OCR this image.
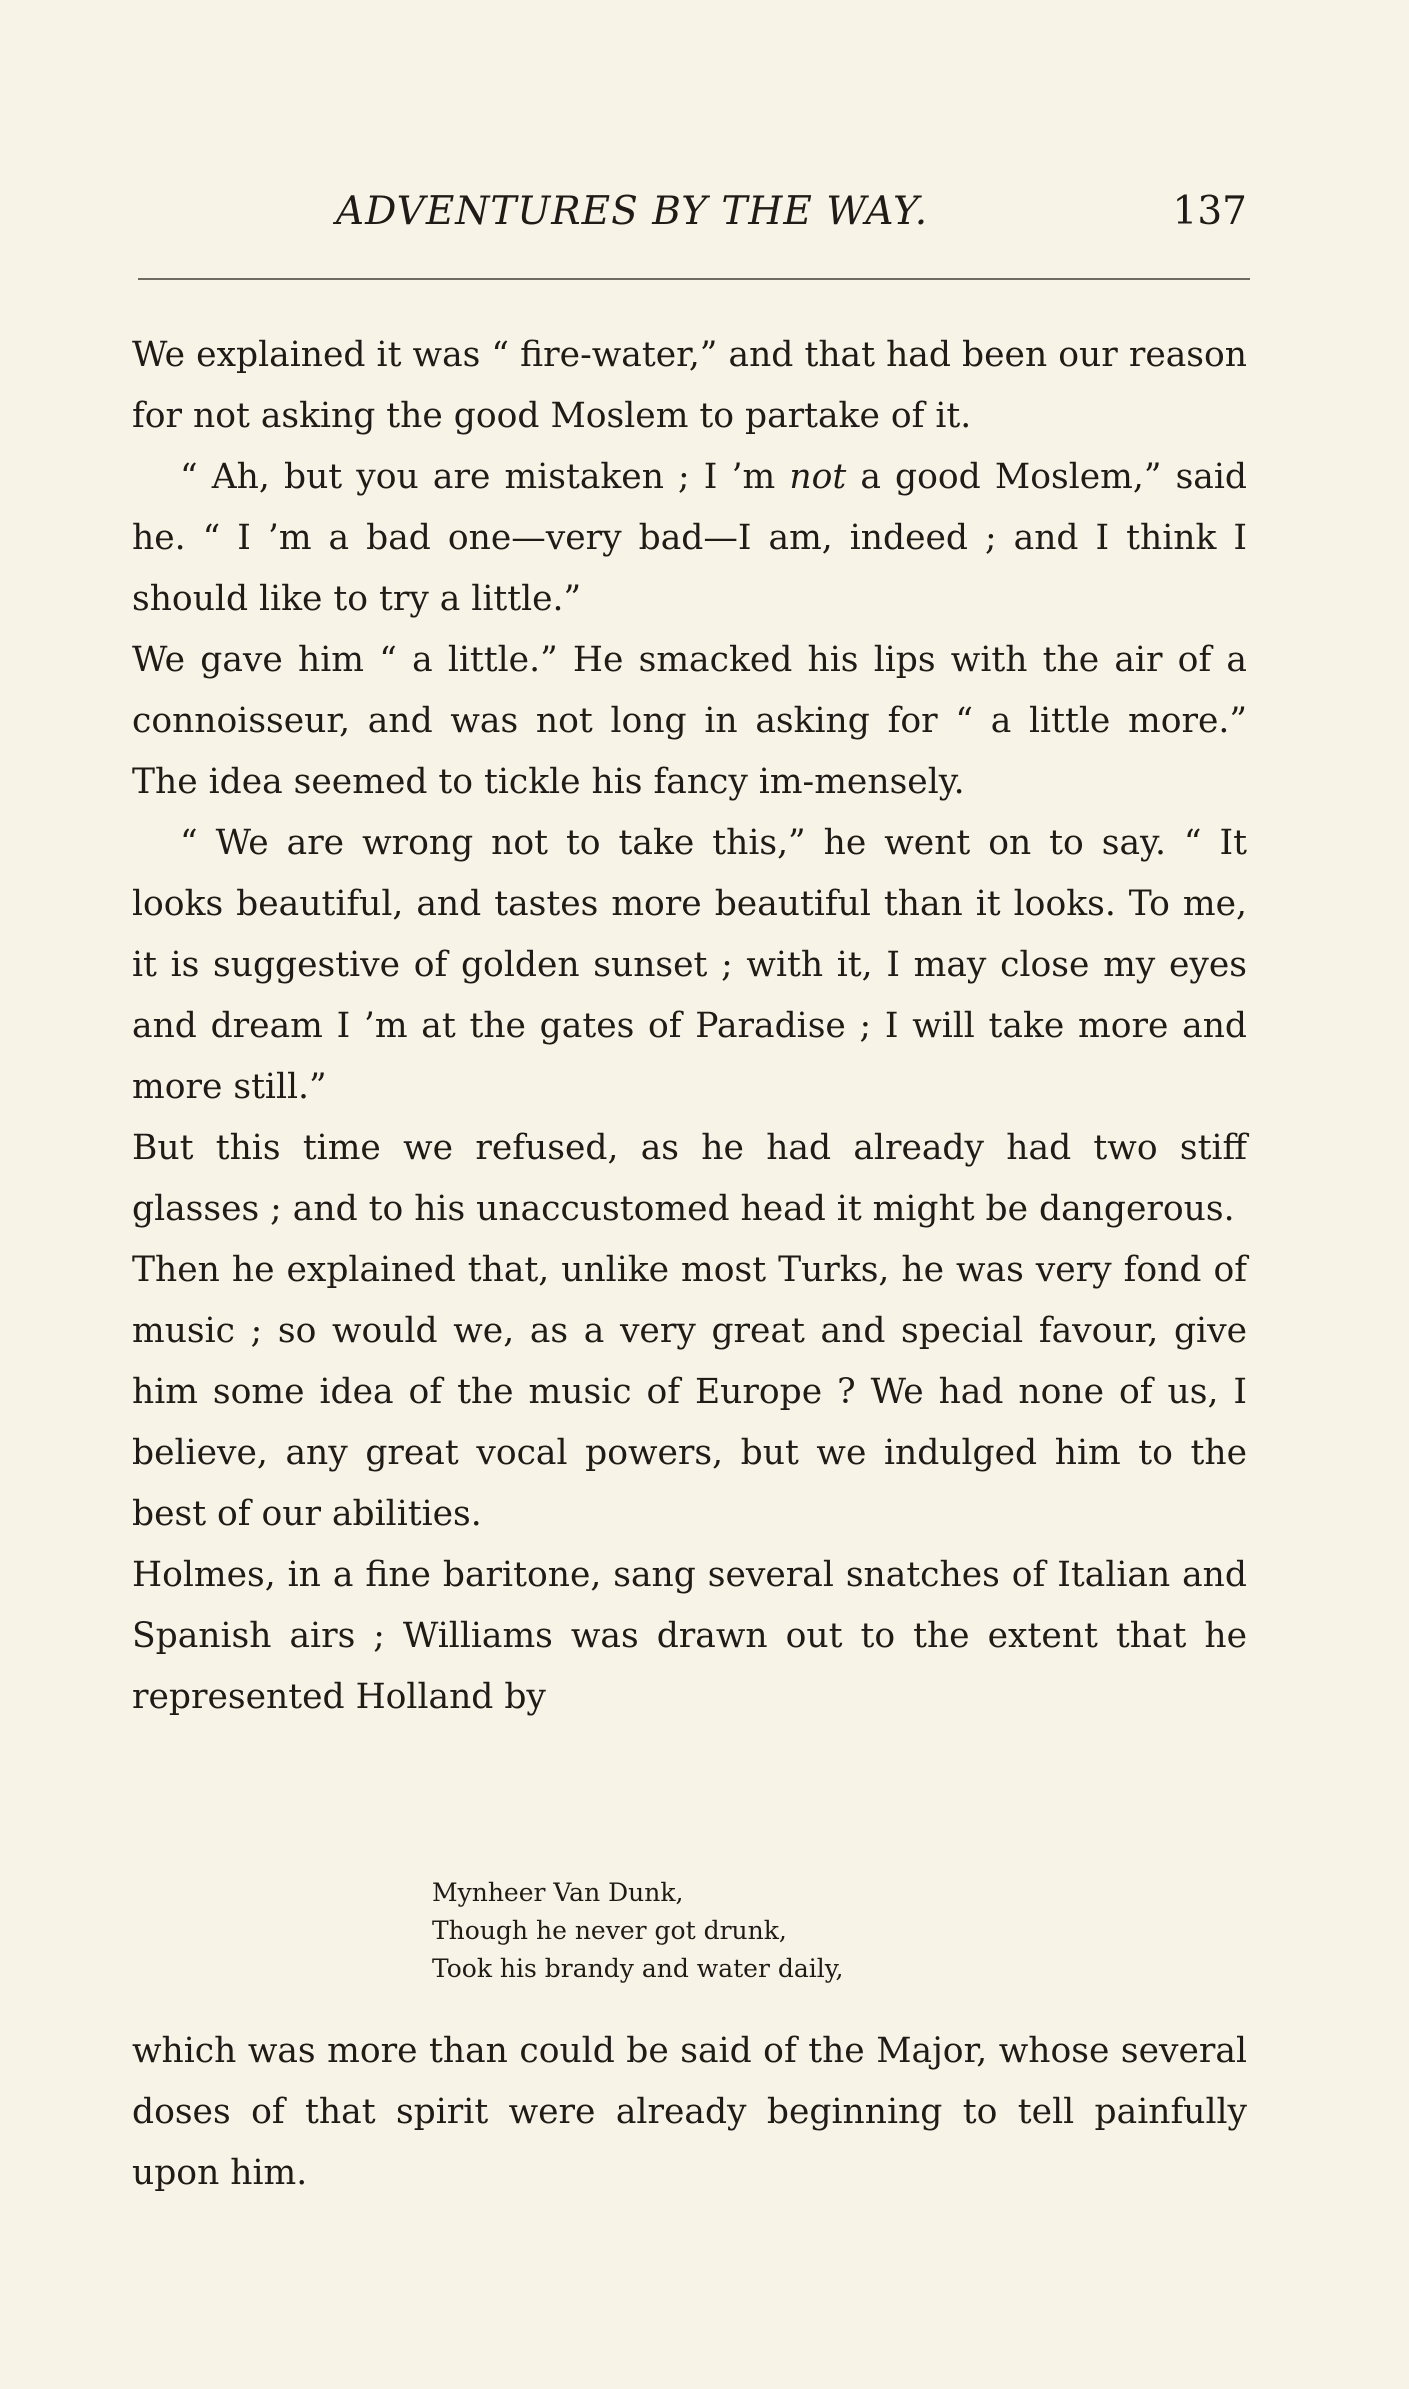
ADVENTURES BY THE WAY.	137

We explained it was “ fire-water,” and that had been our reason for not asking the good Moslem to partake of it.

“ Ah, but you are mistaken ; I ’m not a good Moslem,” said he. “ I ’m a bad one—very bad—I am, indeed ; and I think I should like to try a little.”

We gave him “ a little.” He smacked his lips with the air of a connoisseur, and was not long in asking for “ a little more.” The idea seemed to tickle his fancy im-mensely.

“ We are wrong not to take this,” he went on to say. “ It looks beautiful, and tastes more beautiful than it looks. To me, it is suggestive of golden sunset ; with it, I may close my eyes and dream I ’m at the gates of Paradise ; I will take more and more still.”

But this time we refused, as he had already had two stiff glasses ; and to his unaccustomed head it might be dangerous.

Then he explained that, unlike most Turks, he was very fond of music ; so would we, as a very great and special favour, give him some idea of the music of Europe ? We had none of us, I believe, any great vocal powers, but we indulged him to the best of our abilities.

Holmes, in a fine baritone, sang several snatches of Italian and Spanish airs ; Williams was drawn out to the extent that he represented Holland by

Mynheer Van Dunk,
Though he never got drunk,
Took his brandy and water daily,

which was more than could be said of the Major, whose several doses of that spirit were already beginning to tell painfully upon him.
